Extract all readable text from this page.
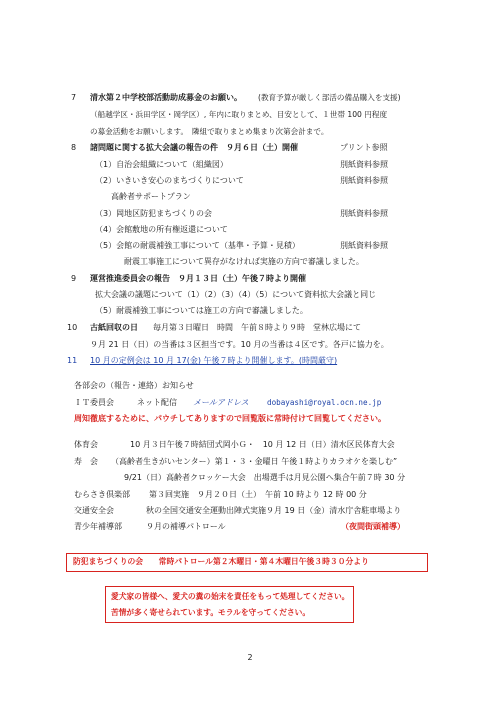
7 清水第２中学校部活動助成募金のお願い。 (教育予算が厳しく部活の備品購入を支援)
（船越学区・浜田学区・岡学区）, 年内に取りまとめ、目安として、１世帯 100 円程度
の募金活動をお願いします。　隣組で取りまとめ集まり次第会計まで。
8 諸問題に関する拡大会議の報告の件　９月６日（土）開催	プリント参照
（1）自治会組織について（組織図）	別紙資料参照
（2）いきいき安心のまちづくりについて	別紙資料参照
高齢者サポートプラン
（3）岡地区防犯まちづくりの会	別紙資料参照
（4）会館敷地の所有権返還について
（5）会館の耐震補強工事について（基準・予算・見積）	別紙資料参照
耐震工事施工について異存がなければ実施の方向で審議しました。
9 運営推進委員会の報告　９月１３日（土）午後７時より開催
拡大会議の議題について（1）（2）（3）（4）（5）について資料拡大会議と同じ
（5）耐震補強工事については施工の方向で審議しました。
10 古紙回収の日 毎月第３日曜日　時間　午前８時より９時　堂林広場にて
９月 21 日（日）の当番は３区担当です。10 月の当番は４区です。各戸に協力を。
11 10 月の定例会は 10 月 17(金) 午後７時より開催します。(時間厳守)
各部会の（報告・連絡）お知らせ
ＩＴ委員会	ネット配信 メールアドレス dobayashi@royal.ocn.ne.jp
周知徹底するために、パウチしてありますので回覧版に常時付けて回覧してください。
体育会	10 月３日午後７時結団式岡小Ｇ・　10 月 12 日（日）清水区民体育大会
寿　会 （高齢者生きがいセンター）第１・３・金曜日 午後１時よりカラオケを楽しむ”
9/21（日）高齢者クロッケー大会　出場選手は月見公園へ集合午前７時 30 分
むらさき倶楽部 第３回実施　９月２０日（土）　午前 10 時より 12 時 00 分
交通安全会	秋の全国交通安全運動出陣式実施９月 19 日（金）清水庁舎駐車場より
青少年補導部	９月の補導パトロール	（夜間街頭補導）
防犯まちづくりの会　　常時パトロール第２木曜日・第４木曜日午後３時３０分より
愛犬家の皆様へ、愛犬の糞の始末を責任をもって処理してください。
苦情が多く寄せられています。モラルを守ってください。
2
